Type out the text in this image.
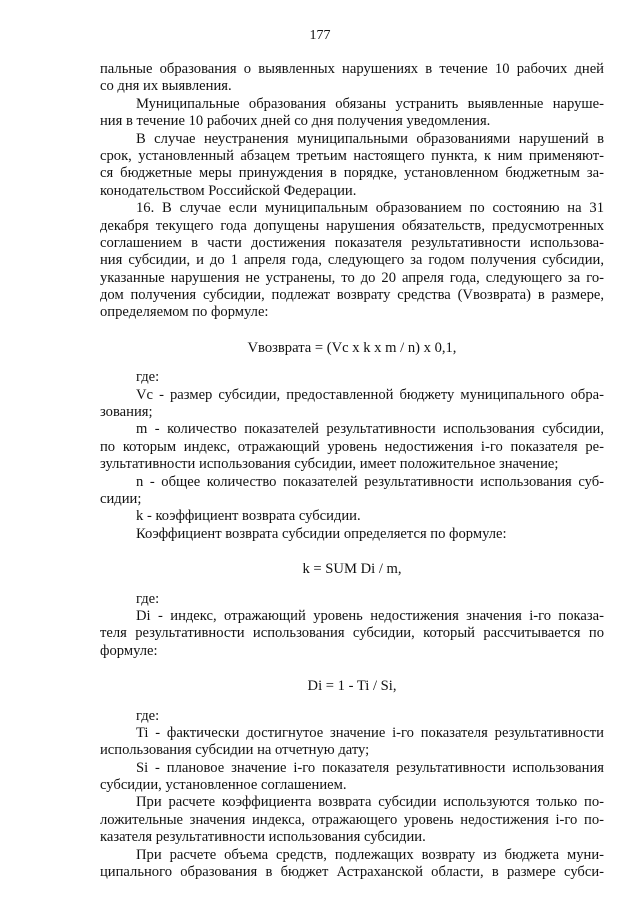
177
пальные образования о выявленных нарушениях в течение 10 рабочих дней
со дня их выявления.
Муниципальные образования обязаны устранить выявленные наруше-
ния в течение 10 рабочих дней со дня получения уведомления.
В случае неустранения муниципальными образованиями нарушений в
срок, установленный абзацем третьим настоящего пункта, к ним применяют-
ся бюджетные меры принуждения в порядке, установленном бюджетным за-
конодательством Российской Федерации.
16. В случае если муниципальным образованием по состоянию на 31
декабря текущего года допущены нарушения обязательств, предусмотренных
соглашением в части достижения показателя результативности использова-
ния субсидии, и до 1 апреля года, следующего за годом получения субсидии,
указанные нарушения не устранены, то до 20 апреля года, следующего за го-
дом получения субсидии, подлежат возврату средства (Vвозврата) в размере,
определяемом по формуле:
Vвозврата = (Vc x k x m / n) x 0,1,
где:
Vc - размер субсидии, предоставленной бюджету муниципального обра-
зования;
m - количество показателей результативности использования субсидии,
по которым индекс, отражающий уровень недостижения i-го показателя ре-
зультативности использования субсидии, имеет положительное значение;
n - общее количество показателей результативности использования суб-
сидии;
k - коэффициент возврата субсидии.
Коэффициент возврата субсидии определяется по формуле:
k = SUM Di / m,
где:
Di - индекс, отражающий уровень недостижения значения i-го показа-
теля результативности использования субсидии, который рассчитывается по
формуле:
Di = 1 - Ti / Si,
где:
Ti - фактически достигнутое значение i-го показателя результативности
использования субсидии на отчетную дату;
Si - плановое значение i-го показателя результативности использования
субсидии, установленное соглашением.
При расчете коэффициента возврата субсидии используются только по-
ложительные значения индекса, отражающего уровень недостижения i-го по-
казателя результативности использования субсидии.
При расчете объема средств, подлежащих возврату из бюджета муни-
ципального образования в бюджет Астраханской области, в размере субси-
